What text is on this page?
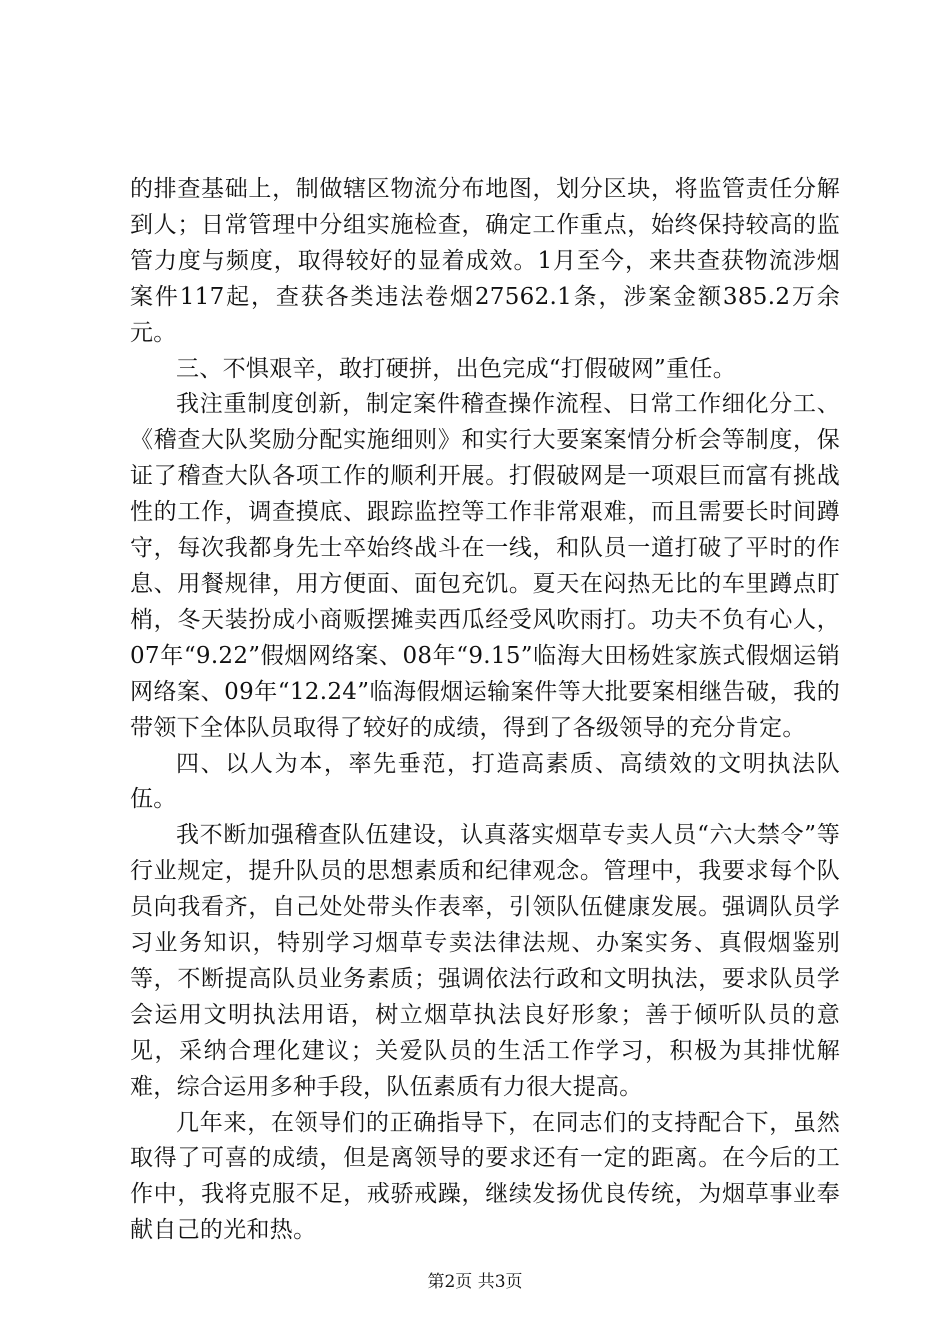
的排查基础上，制做辖区物流分布地图，划分区块，将监管责任分解到人；日常管理中分组实施检查，确定工作重点，始终保持较高的监管力度与频度，取得较好的显着成效。1月至今，来共查获物流涉烟案件117起，查获各类违法卷烟27562.1条，涉案金额385.2万余元。

三、不惧艰辛，敢打硬拼，出色完成“打假破网”重任。

我注重制度创新，制定案件稽查操作流程、日常工作细化分工、《稽查大队奖励分配实施细则》和实行大要案案情分析会等制度，保证了稽查大队各项工作的顺利开展。打假破网是一项艰巨而富有挑战性的工作，调查摸底、跟踪监控等工作非常艰难，而且需要长时间蹲守，每次我都身先士卒始终战斗在一线，和队员一道打破了平时的作息、用餐规律，用方便面、面包充饥。夏天在闷热无比的车里蹲点盯梢，冬天装扮成小商贩摆摊卖西瓜经受风吹雨打。功夫不负有心人，07年“9.22”假烟网络案、08年“9.15”临海大田杨姓家族式假烟运销网络案、09年“12.24”临海假烟运输案件等大批要案相继告破，我的带领下全体队员取得了较好的成绩，得到了各级领导的充分肯定。

四、以人为本，率先垂范，打造高素质、高绩效的文明执法队伍。

我不断加强稽查队伍建设，认真落实烟草专卖人员“六大禁令”等行业规定，提升队员的思想素质和纪律观念。管理中，我要求每个队员向我看齐，自己处处带头作表率，引领队伍健康发展。强调队员学习业务知识，特别学习烟草专卖法律法规、办案实务、真假烟鉴别等，不断提高队员业务素质；强调依法行政和文明执法，要求队员学会运用文明执法用语，树立烟草执法良好形象；善于倾听队员的意见，采纳合理化建议；关爱队员的生活工作学习，积极为其排忧解难，综合运用多种手段，队伍素质有力很大提高。

几年来，在领导们的正确指导下，在同志们的支持配合下，虽然取得了可喜的成绩，但是离领导的要求还有一定的距离。在今后的工作中，我将克服不足，戒骄戒躁，继续发扬优良传统，为烟草事业奉献自己的光和热。

第2页 共3页
